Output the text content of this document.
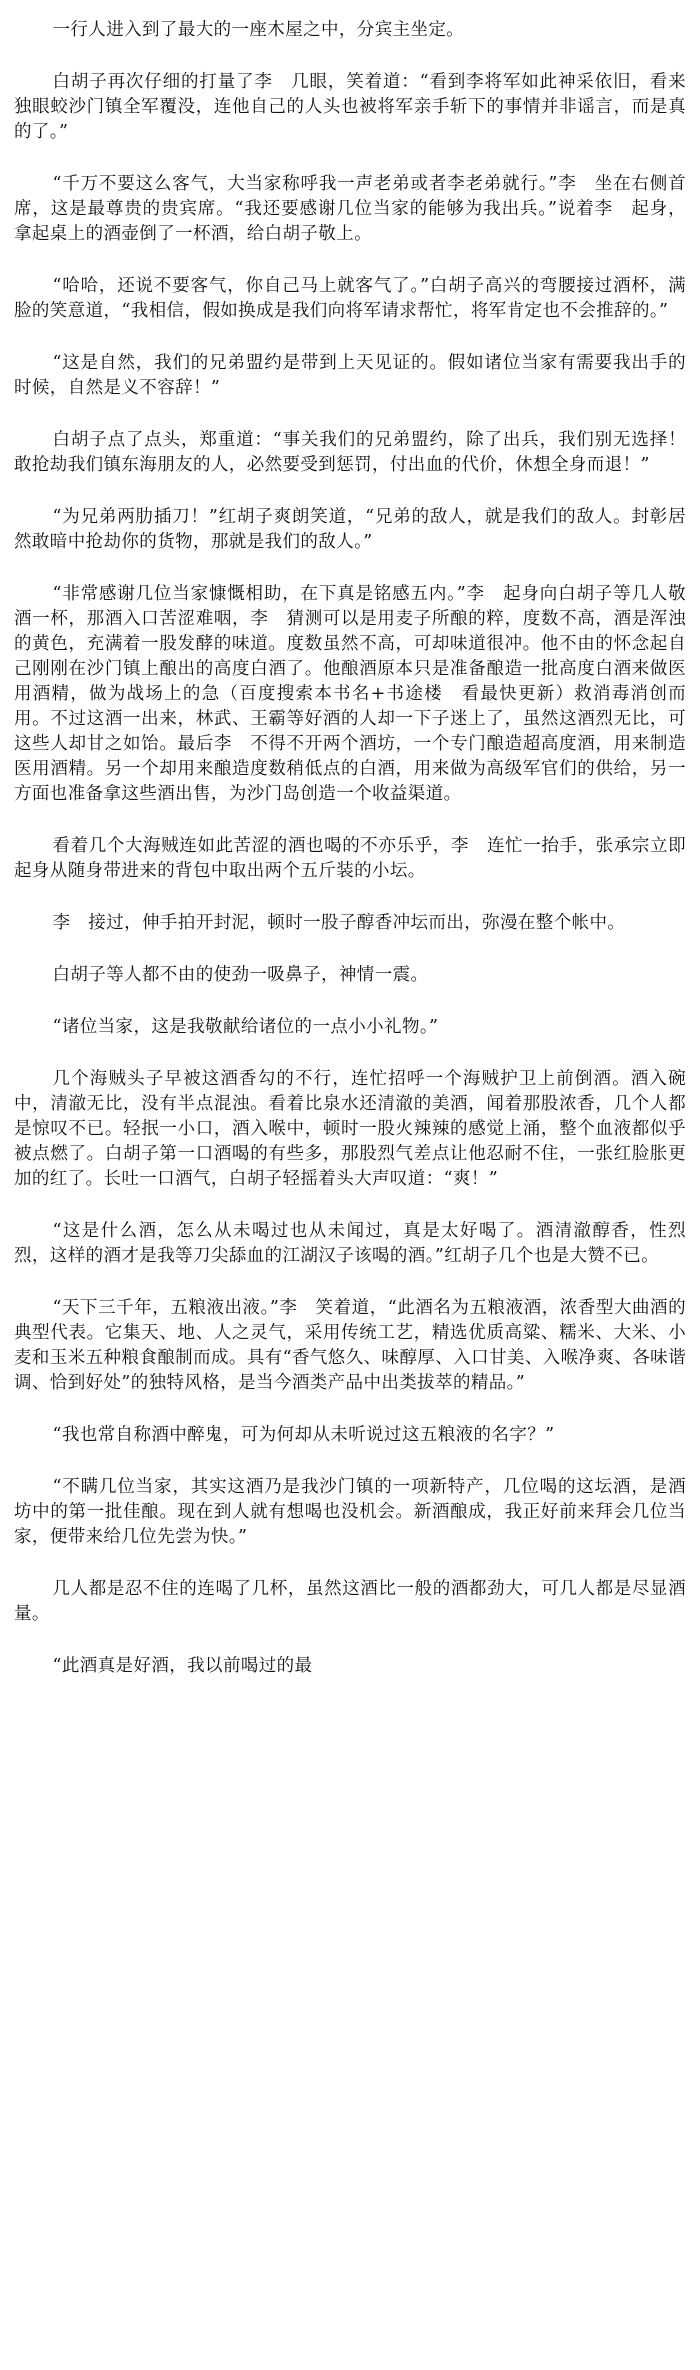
一行人进入到了最大的一座木屋之中，分宾主坐定。

白胡子再次仔细的打量了李　几眼，笑着道：“看到李将军如此神采依旧，看来独眼蛟沙门镇全军覆没，连他自己的人头也被将军亲手斩下的事情并非谣言，而是真的了。”

“千万不要这么客气，大当家称呼我一声老弟或者李老弟就行。”李　坐在右侧首席，这是最尊贵的贵宾席。“我还要感谢几位当家的能够为我出兵。”说着李　起身，拿起桌上的酒壶倒了一杯酒，给白胡子敬上。

“哈哈，还说不要客气，你自己马上就客气了。”白胡子高兴的弯腰接过酒杯，满脸的笑意道，“我相信，假如换成是我们向将军请求帮忙，将军肯定也不会推辞的。”

“这是自然，我们的兄弟盟约是带到上天见证的。假如诸位当家有需要我出手的时候，自然是义不容辞！”

白胡子点了点头，郑重道：“事关我们的兄弟盟约，除了出兵，我们别无选择！敢抢劫我们镇东海朋友的人，必然要受到惩罚，付出血的代价，休想全身而退！”

“为兄弟两肋插刀！”红胡子爽朗笑道，“兄弟的敌人，就是我们的敌人。封彰居然敢暗中抢劫你的货物，那就是我们的敌人。”

“非常感谢几位当家慷慨相助，在下真是铭感五内。”李　起身向白胡子等几人敬酒一杯，那酒入口苦涩难咽，李　猜测可以是用麦子所酿的粹，度数不高，酒是浑浊的黄色，充满着一股发酵的味道。度数虽然不高，可却味道很冲。他不由的怀念起自己刚刚在沙门镇上酿出的高度白酒了。他酿酒原本只是准备酿造一批高度白酒来做医用酒精，做为战场上的急（百度搜索本书名+书途楼　看最快更新）救消毒消创而用。不过这酒一出来，林武、王霸等好酒的人却一下子迷上了，虽然这酒烈无比，可这些人却甘之如饴。最后李　不得不开两个酒坊，一个专门酿造超高度酒，用来制造医用酒精。另一个却用来酿造度数稍低点的白酒，用来做为高级军官们的供给，另一方面也准备拿这些酒出售，为沙门岛创造一个收益渠道。

看着几个大海贼连如此苦涩的酒也喝的不亦乐乎，李　连忙一抬手，张承宗立即起身从随身带进来的背包中取出两个五斤装的小坛。

李　接过，伸手拍开封泥，顿时一股子醇香冲坛而出，弥漫在整个帐中。

白胡子等人都不由的使劲一吸鼻子，神情一震。

“诸位当家，这是我敬献给诸位的一点小小礼物。”

几个海贼头子早被这酒香勾的不行，连忙招呼一个海贼护卫上前倒酒。酒入碗中，清澈无比，没有半点混浊。看着比泉水还清澈的美酒，闻着那股浓香，几个人都是惊叹不已。轻抿一小口，酒入喉中，顿时一股火辣辣的感觉上涌，整个血液都似乎被点燃了。白胡子第一口酒喝的有些多，那股烈气差点让他忍耐不住，一张红脸胀更加的红了。长吐一口酒气，白胡子轻摇着头大声叹道：“爽！”

“这是什么酒，怎么从未喝过也从未闻过，真是太好喝了。酒清澈醇香，性烈烈，这样的酒才是我等刀尖舔血的江湖汉子该喝的酒。”红胡子几个也是大赞不已。

“天下三千年，五粮液出液。”李　笑着道，“此酒名为五粮液酒，浓香型大曲酒的典型代表。它集天、地、人之灵气，采用传统工艺，精选优质高粱、糯米、大米、小麦和玉米五种粮食酿制而成。具有“香气悠久、味醇厚、入口甘美、入喉净爽、各味谐调、恰到好处”的独特风格，是当今酒类产品中出类拔萃的精品。”

“我也常自称酒中醉鬼，可为何却从未听说过这五粮液的名字？”

“不瞒几位当家，其实这酒乃是我沙门镇的一项新特产，几位喝的这坛酒，是酒坊中的第一批佳酿。现在到人就有想喝也没机会。新酒酿成，我正好前来拜会几位当家，便带来给几位先尝为快。”

几人都是忍不住的连喝了几杯，虽然这酒比一般的酒都劲大，可几人都是尽显酒量。

“此酒真是好酒，我以前喝过的最
